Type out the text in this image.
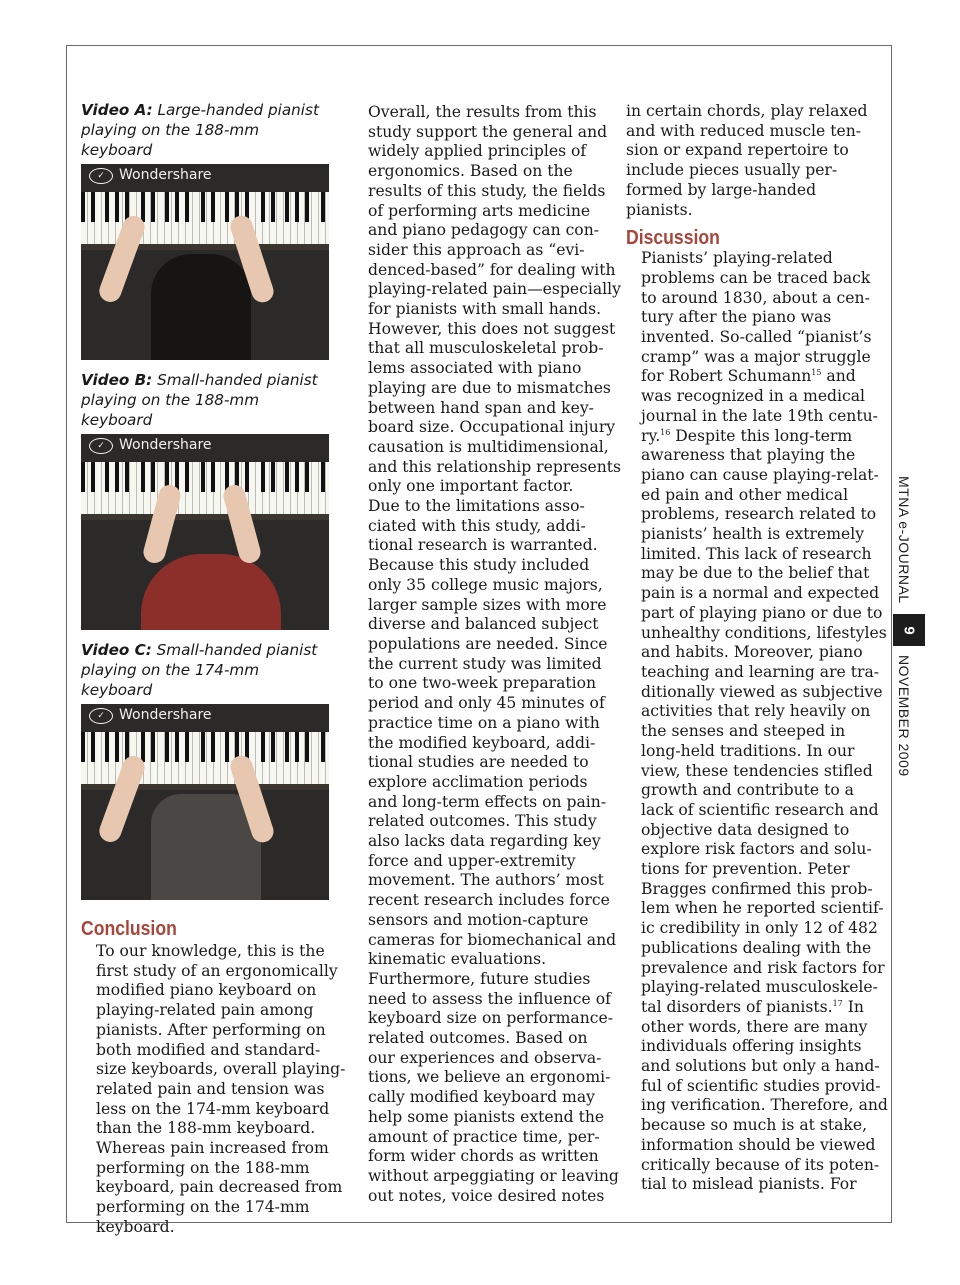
Video A: Large-handed pianist
playing on the 188-mm keyboard

✓	Wondershare

Video B: Small-handed pianist
playing on the 188-mm keyboard

✓	Wondershare

Video C: Small-handed pianist
playing on the 174-mm keyboard

✓	Wondershare
Conclusion

To our knowledge, this is the
first study of an ergonomically
modified piano keyboard on
playing-related pain among
pianists. After performing on
both modified and standard-
size keyboards, overall playing-
related pain and tension was
less on the 174-mm keyboard
than the 188-mm keyboard.
Whereas pain increased from
performing on the 188-mm
keyboard, pain decreased from
performing on the 174-mm
keyboard.

Overall, the results from this
study support the general and
widely applied principles of
ergonomics. Based on the
results of this study, the fields
of performing arts medicine
and piano pedagogy can con-
sider this approach as “evi-
denced-based” for dealing with
playing-related pain—especially
for pianists with small hands.
However, this does not suggest
that all musculoskeletal prob-
lems associated with piano
playing are due to mismatches
between hand span and key-
board size. Occupational injury
causation is multidimensional,
and this relationship represents
only one important factor.

Due to the limitations asso-
ciated with this study, addi-
tional research is warranted.
Because this study included
only 35 college music majors,
larger sample sizes with more
diverse and balanced subject
populations are needed. Since
the current study was limited
to one two-week preparation
period and only 45 minutes of
practice time on a piano with
the modified keyboard, addi-
tional studies are needed to
explore acclimation periods
and long-term effects on pain-
related outcomes. This study
also lacks data regarding key
force and upper-extremity
movement. The authors’ most
recent research includes force
sensors and motion-capture
cameras for biomechanical and
kinematic evaluations.

Furthermore, future studies
need to assess the influence of
keyboard size on performance-
related outcomes. Based on
our experiences and observa-
tions, we believe an ergonomi-
cally modified keyboard may
help some pianists extend the
amount of practice time, per-
form wider chords as written
without arpeggiating or leaving
out notes, voice desired notes

in certain chords, play relaxed
and with reduced muscle ten-
sion or expand repertoire to
include pieces usually per-
formed by large-handed
pianists.

Discussion

Pianists’ playing-related
problems can be traced back
to around 1830, about a cen-
tury after the piano was
invented. So-called “pianist’s
cramp” was a major struggle
for Robert Schumann$^{15}$ and
was recognized in a medical
journal in the late 19th centu-
ry.$^{16}$ Despite this long-term
awareness that playing the
piano can cause playing-relat-
ed pain and other medical
problems, research related to
pianists’ health is extremely
limited. This lack of research
may be due to the belief that
pain is a normal and expected
part of playing piano or due to
unhealthy conditions, lifestyles
and habits. Moreover, piano
teaching and learning are tra-
ditionally viewed as subjective
activities that rely heavily on
the senses and steeped in
long-held traditions. In our
view, these tendencies stifled
growth and contribute to a
lack of scientific research and
objective data designed to
explore risk factors and solu-
tions for prevention. Peter
Bragges confirmed this prob-
lem when he reported scientif-
ic credibility in only 12 of 482
publications dealing with the
prevalence and risk factors for
playing-related musculoskele-
tal disorders of pianists.$^{17}$ In
other words, there are many
individuals offering insights
and solutions but only a hand-
ful of scientific studies provid-
ing verification. Therefore, and
because so much is at stake,
information should be viewed
critically because of its poten-
tial to mislead pianists. For

MTNA e-JOURNAL
9
NOVEMBER 2009
